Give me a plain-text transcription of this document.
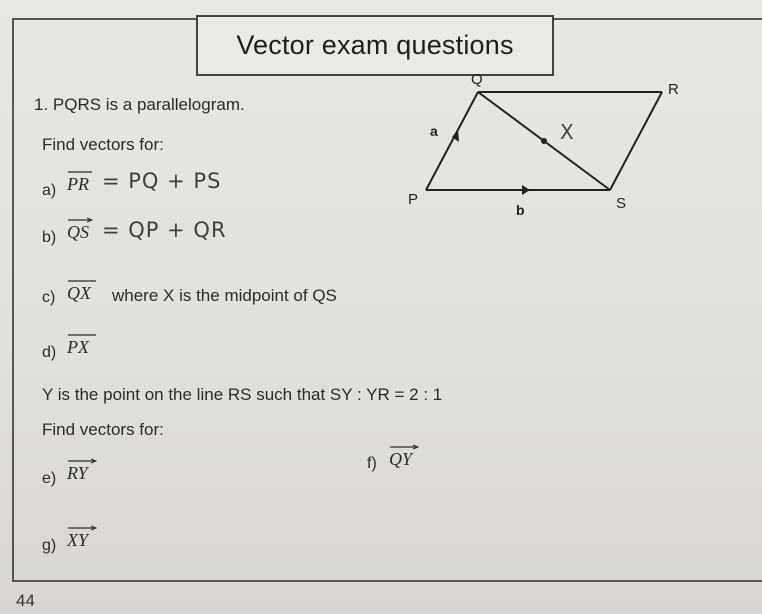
Vector exam questions
1. PQRS is a parallelogram.
Find vectors for:
a) PR = PQ + PS
b) QS = QP + QR
c) QX where X is the midpoint of QS
d) PX
Y is the point on the line RS such that SY : YR = 2 : 1
Find vectors for:
e) RY	f) QY
g) XY
Q
R
P	S
a
b
X
44
